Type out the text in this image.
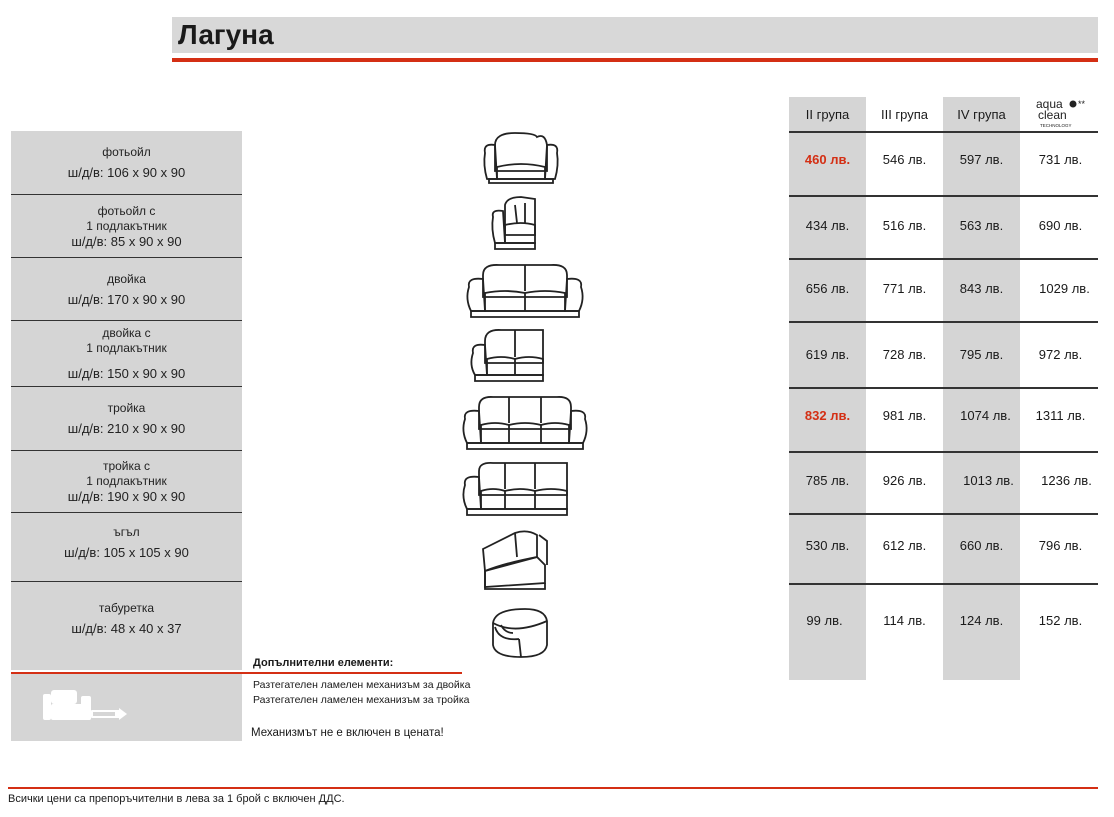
Лагуна
фотьойл
ш/д/в: 106 x 90 x 90
фотьойл с
1 подлакътник
ш/д/в: 85 x 90 x 90
двойка
ш/д/в: 170 x 90 x 90
двойка с
1 подлакътник
ш/д/в: 150 x 90 x 90
тройка
ш/д/в: 210 x 90 x 90
тройка с
1 подлакътник
ш/д/в: 190 x 90 x 90
ъгъл
ш/д/в: 105 x 105 x 90
табуретка
ш/д/в: 48 x 40 x 37
II група	III група	IV група
aqua **
clean
TECHNOLOGY
460 лв.	546 лв.	597 лв.	731 лв.
434 лв.	516 лв.	563 лв.	690 лв.
656 лв.	771 лв.	843 лв.	1029 лв.
619 лв.	728 лв.	795 лв.	972 лв.
832 лв.	981 лв.	1074 лв.	1311 лв.
785 лв.	926 лв.	1013 лв.	1236 лв.
530 лв.	612 лв.	660 лв.	796 лв.
99 лв.	114 лв.	124 лв.	152 лв.
Допълнителни елементи:
Разтегателен ламелен механизъм за двойка
Разтегателен ламелен механизъм за тройка
Механизмът не е включен в цената!
Всички цени са препоръчителни в лева за 1 брой с включен ДДС.
